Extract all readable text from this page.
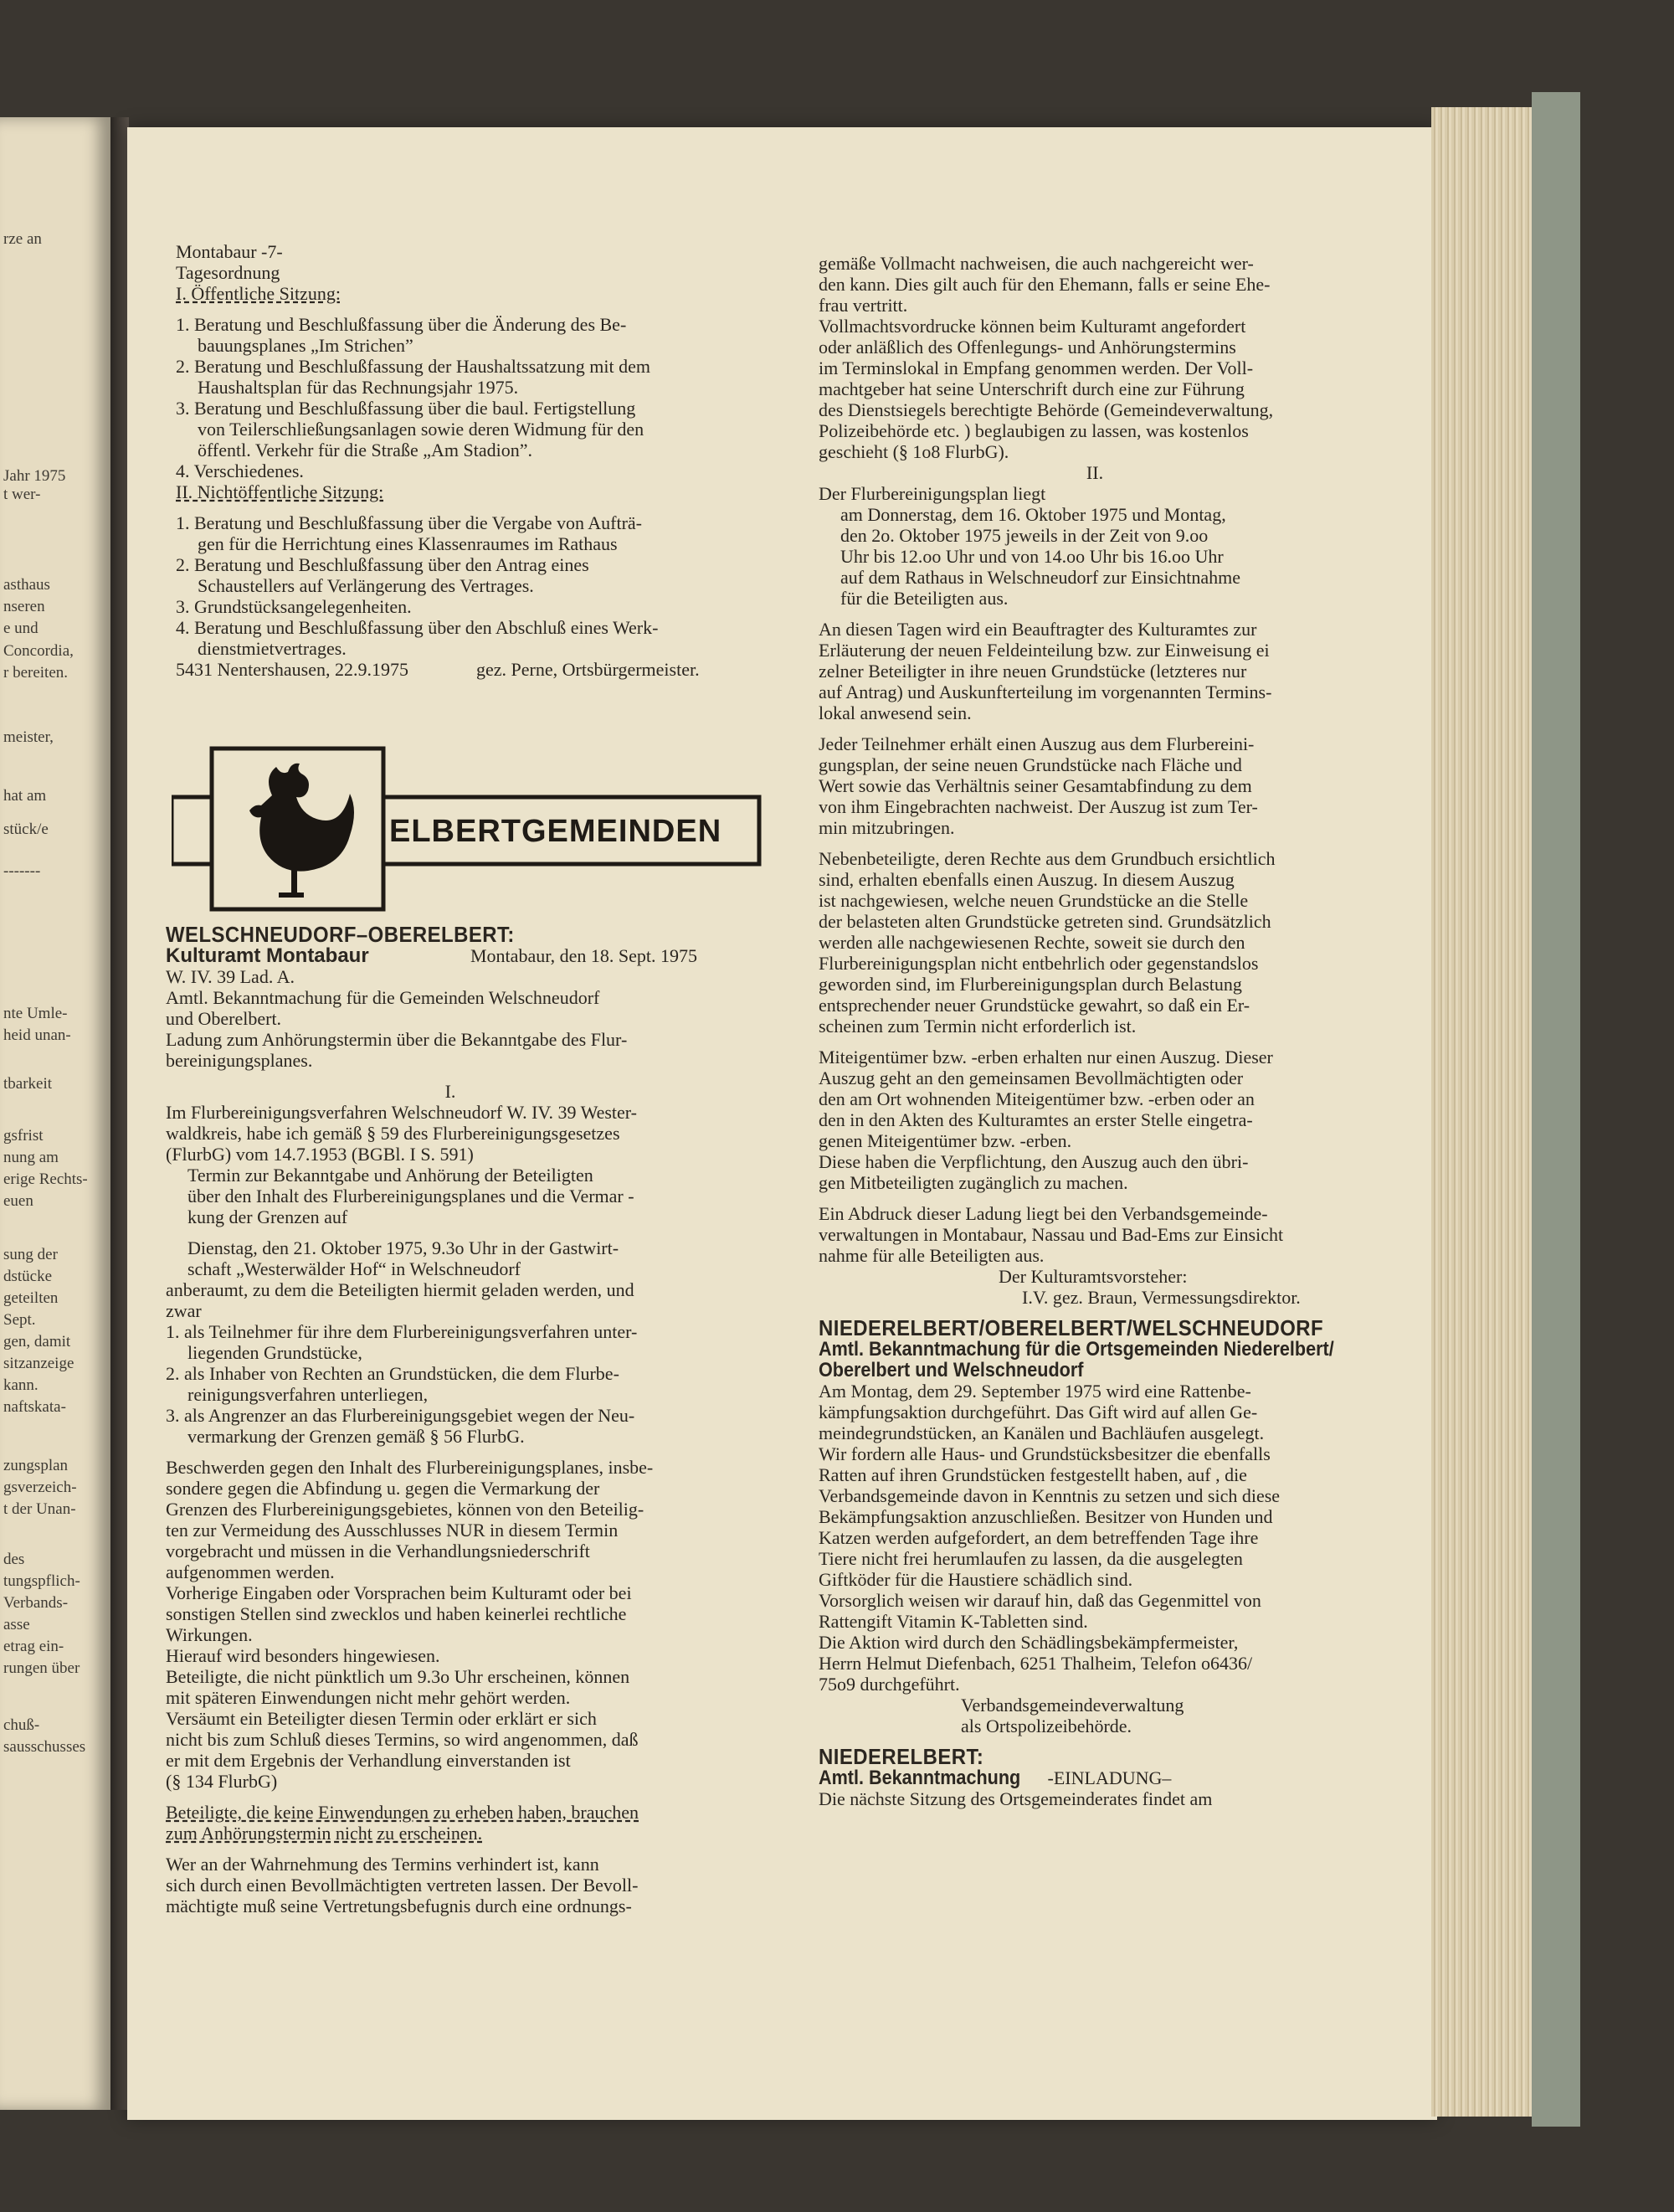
rze an
Jahr 1975
t wer-
asthaus
nseren
e und
Concordia,
r bereiten.
meister,
hat am
stück/e
-------
nte Umle-
heid unan-
tbarkeit
gsfrist
nung am
erige Rechts-
euen
sung der
dstücke
geteilten
Sept.
gen, damit
sitzanzeige
kann.
naftskata-
zungsplan
gsverzeich-
t der Unan-
des
tungspflich-
Verbands-
asse
etrag ein-
rungen über
chuß-
sausschusses

Montabaur -7-

Tagesordnung

I. Öffentliche Sitzung:

1. Beratung und Beschlußfassung über die Änderung des Be-

bauungsplanes „Im Strichen”

2. Beratung und Beschlußfassung der Haushaltssatzung mit dem

Haushaltsplan für das Rechnungsjahr 1975.

3. Beratung und Beschlußfassung über die baul. Fertigstellung

von Teilerschließungsanlagen sowie deren Widmung für den

öffentl. Verkehr für die Straße „Am Stadion”.

4. Verschiedenes.

II. Nichtöffentliche Sitzung:

1. Beratung und Beschlußfassung über die Vergabe von Aufträ-

gen für die Herrichtung eines Klassenraumes im Rathaus

2. Beratung und Beschlußfassung über den Antrag eines

Schaustellers auf Verlängerung des Vertrages.

3. Grundstücksangelegenheiten.

4. Beratung und Beschlußfassung über den Abschluß eines Werk-

dienstmietvertrages.

5431 Nentershausen, 22.9.1975	gez. Perne, Ortsbürgermeister.

ELBERTGEMEINDEN

WELSCHNEUDORF–OBERELBERT:

Kulturamt Montabaur	Montabaur, den 18. Sept. 1975

W. IV. 39 Lad. A.

Amtl. Bekanntmachung für die Gemeinden Welschneudorf

und Oberelbert.

Ladung zum Anhörungstermin über die Bekanntgabe des Flur-

bereinigungsplanes.

I.

Im Flurbereinigungsverfahren Welschneudorf W. IV. 39 Wester-

waldkreis, habe ich gemäß § 59 des Flurbereinigungsgesetzes

(FlurbG) vom 14.7.1953 (BGBl. I S. 591)

Termin zur Bekanntgabe und Anhörung der Beteiligten

über den Inhalt des Flurbereinigungsplanes und die Vermar -

kung der Grenzen auf

Dienstag, den 21. Oktober 1975, 9.3o Uhr in der Gastwirt-

schaft „Westerwälder Hof“ in Welschneudorf

anberaumt, zu dem die Beteiligten hiermit geladen werden, und

zwar

1. als Teilnehmer für ihre dem Flurbereinigungsverfahren unter-

liegenden Grundstücke,

2. als Inhaber von Rechten an Grundstücken, die dem Flurbe-

reinigungsverfahren unterliegen,

3. als Angrenzer an das Flurbereinigungsgebiet wegen der Neu-

vermarkung der Grenzen gemäß § 56 FlurbG.

Beschwerden gegen den Inhalt des Flurbereinigungsplanes, insbe-

sondere gegen die Abfindung u. gegen die Vermarkung der

Grenzen des Flurbereinigungsgebietes, können von den Beteilig-

ten zur Vermeidung des Ausschlusses NUR in diesem Termin

vorgebracht und müssen in die Verhandlungsniederschrift

aufgenommen werden.

Vorherige Eingaben oder Vorsprachen beim Kulturamt oder bei

sonstigen Stellen sind zwecklos und haben keinerlei rechtliche

Wirkungen.

Hierauf wird besonders hingewiesen.

Beteiligte, die nicht pünktlich um 9.3o Uhr erscheinen, können

mit späteren Einwendungen nicht mehr gehört werden.

Versäumt ein Beteiligter diesen Termin oder erklärt er sich

nicht bis zum Schluß dieses Termins, so wird angenommen, daß

er mit dem Ergebnis der Verhandlung einverstanden ist

(§ 134 FlurbG)

Beteiligte, die keine Einwendungen zu erheben haben, brauchen

zum Anhörungstermin nicht zu erscheinen.

Wer an der Wahrnehmung des Termins verhindert ist, kann

sich durch einen Bevollmächtigten vertreten lassen. Der Bevoll-

mächtigte muß seine Vertretungsbefugnis durch eine ordnungs-

gemäße Vollmacht nachweisen, die auch nachgereicht wer-

den kann. Dies gilt auch für den Ehemann, falls er seine Ehe-

frau vertritt.

Vollmachtsvordrucke können beim Kulturamt angefordert

oder anläßlich des Offenlegungs- und Anhörungstermins

im Terminslokal in Empfang genommen werden. Der Voll-

machtgeber hat seine Unterschrift durch eine zur Führung

des Dienstsiegels berechtigte Behörde (Gemeindeverwaltung,

Polizeibehörde etc. ) beglaubigen zu lassen, was kostenlos

geschieht (§ 1o8 FlurbG).

II.

Der Flurbereinigungsplan liegt

am Donnerstag, dem 16. Oktober 1975 und Montag,

den 2o. Oktober 1975 jeweils in der Zeit von 9.oo

Uhr bis 12.oo Uhr und von 14.oo Uhr bis 16.oo Uhr

auf dem Rathaus in Welschneudorf zur Einsichtnahme

für die Beteiligten aus.

An diesen Tagen wird ein Beauftragter des Kulturamtes zur

Erläuterung der neuen Feldeinteilung bzw. zur Einweisung ei

zelner Beteiligter in ihre neuen Grundstücke (letzteres nur

auf Antrag) und Auskunfterteilung im vorgenannten Termins-

lokal anwesend sein.

Jeder Teilnehmer erhält einen Auszug aus dem Flurbereini-

gungsplan, der seine neuen Grundstücke nach Fläche und

Wert sowie das Verhältnis seiner Gesamtabfindung zu dem

von ihm Eingebrachten nachweist. Der Auszug ist zum Ter-

min mitzubringen.

Nebenbeteiligte, deren Rechte aus dem Grundbuch ersichtlich

sind, erhalten ebenfalls einen Auszug. In diesem Auszug

ist nachgewiesen, welche neuen Grundstücke an die Stelle

der belasteten alten Grundstücke getreten sind. Grundsätzlich

werden alle nachgewiesenen Rechte, soweit sie durch den

Flurbereinigungsplan nicht entbehrlich oder gegenstandslos

geworden sind, im Flurbereinigungsplan durch Belastung

entsprechender neuer Grundstücke gewahrt, so daß ein Er-

scheinen zum Termin nicht erforderlich ist.

Miteigentümer bzw. -erben erhalten nur einen Auszug. Dieser

Auszug geht an den gemeinsamen Bevollmächtigten oder

den am Ort wohnenden Miteigentümer bzw. -erben oder an

den in den Akten des Kulturamtes an erster Stelle eingetra-

genen Miteigentümer bzw. -erben.

Diese haben die Verpflichtung, den Auszug auch den übri-

gen Mitbeteiligten zugänglich zu machen.

Ein Abdruck dieser Ladung liegt bei den Verbandsgemeinde-

verwaltungen in Montabaur, Nassau und Bad-Ems zur Einsicht

nahme für alle Beteiligten aus.

Der Kulturamtsvorsteher:

I.V. gez. Braun, Vermessungsdirektor.

NIEDERELBERT/OBERELBERT/WELSCHNEUDORF

Amtl. Bekanntmachung für die Ortsgemeinden Niederelbert/

Oberelbert und Welschneudorf

Am Montag, dem 29. September 1975 wird eine Rattenbe-

kämpfungsaktion durchgeführt. Das Gift wird auf allen Ge-

meindegrundstücken, an Kanälen und Bachläufen ausgelegt.

Wir fordern alle Haus- und Grundstücksbesitzer die ebenfalls

Ratten auf ihren Grundstücken festgestellt haben, auf , die

Verbandsgemeinde davon in Kenntnis zu setzen und sich diese

Bekämpfungsaktion anzuschließen. Besitzer von Hunden und

Katzen werden aufgefordert, an dem betreffenden Tage ihre

Tiere nicht frei herumlaufen zu lassen, da die ausgelegten

Giftköder für die Haustiere schädlich sind.

Vorsorglich weisen wir darauf hin, daß das Gegenmittel von

Rattengift Vitamin K-Tabletten sind.

Die Aktion wird durch den Schädlingsbekämpfermeister,

Herrn Helmut Diefenbach, 6251 Thalheim, Telefon o6436/

75o9 durchgeführt.

Verbandsgemeindeverwaltung

als Ortspolizeibehörde.

NIEDERELBERT:

Amtl. Bekanntmachung -EINLADUNG–

Die nächste Sitzung des Ortsgemeinderates findet am
